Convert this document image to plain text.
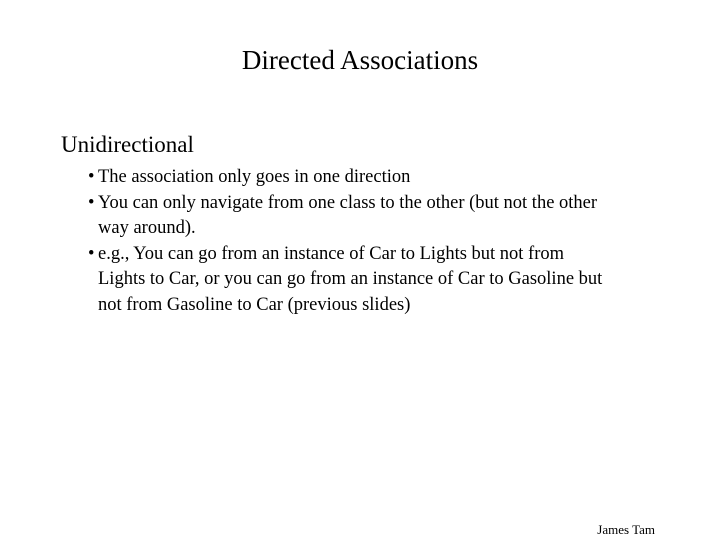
Directed Associations
Unidirectional
• The association only goes in one direction
• You can only navigate from one class to the other (but not the other
way around).
• e.g., You can go from an instance of Car to Lights but not from
Lights to Car, or you can go from an instance of Car to Gasoline but
not from Gasoline to Car (previous slides)
James Tam
